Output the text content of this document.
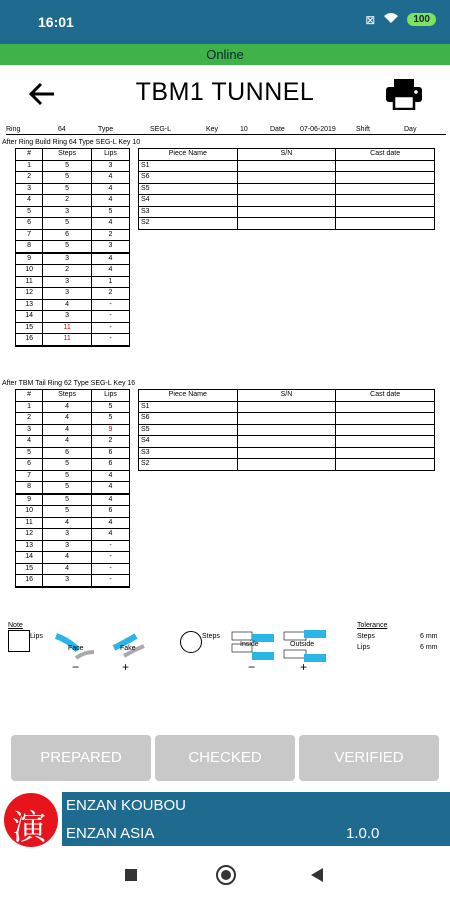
16:01	⊠	100
Online
TBM1 TUNNEL
Ring	64	Type	SEG-L	Key	10	Date	07-06-2019	Shift	Day
After Ring Build Ring 64 Type SEG-L Key 10
#	Steps	Lips
1	5	3
2	5	4
3	5	4
4	2	4
5	3	5
6	5	4
7	6	2
8	5	3
9	3	4
10	2	4
11	3	1
12	3	2
13	4	-
14	3	-
15	11	-
16	11	-
Piece Name	S/N	Cast date
S1		
S6		
S5		
S4		
S3		
S2		
After TBM Tail Ring 62 Type SEG-L Key 16
#	Steps	Lips
1	4	5
2	4	5
3	4	9
4	4	2
5	6	6
6	5	6
7	5	4
8	5	4
9	5	4
10	5	6
11	4	4
12	3	4
13	3	-
14	4	-
15	4	-
16	3	-
Piece Name	S/N	Cast date
S1		
S6		
S5		
S4		
S3		
S2		
Note
Lips
Face	Fake
−	+
Steps
Inside	Outside
−	+
Tolerance
Steps	6 mm
Lips	6 mm
PREPARED	CHECKED	VERIFIED
演
ENZAN KOUBOU
ENZAN ASIA	1.0.0
